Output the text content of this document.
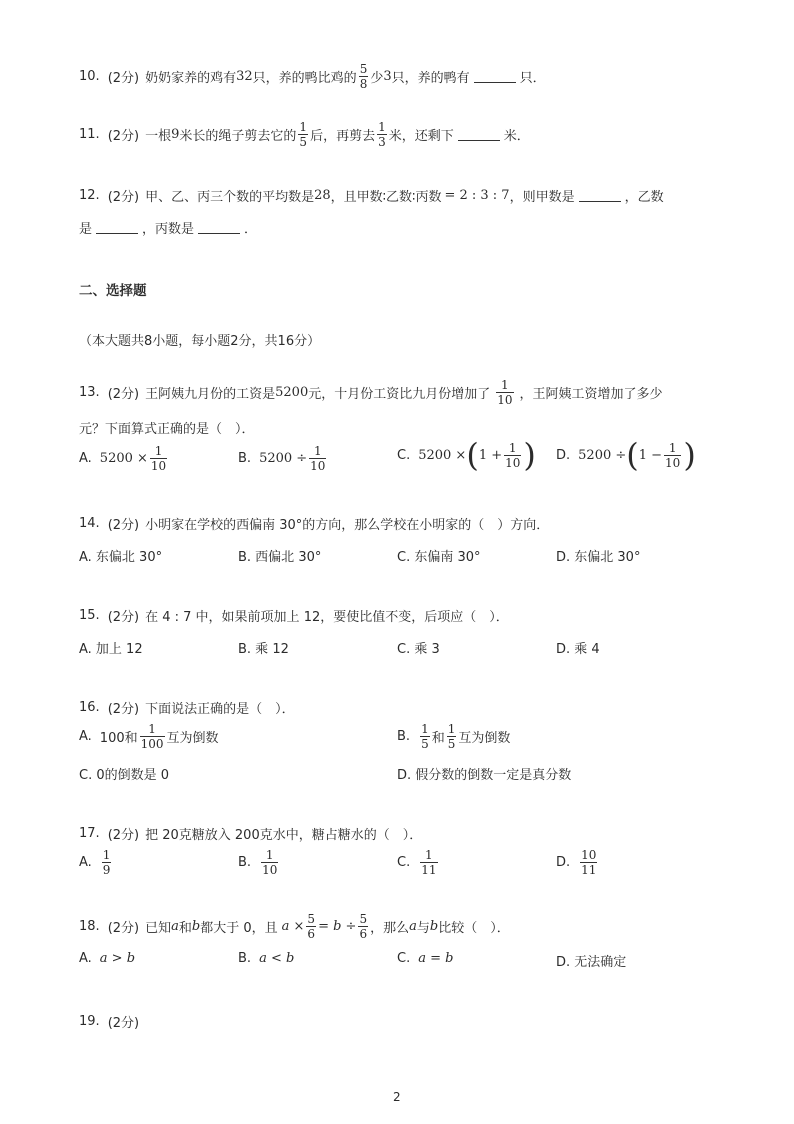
10. (2分) 奶奶家养的鸡有 32 只，养的鸭比鸡的 $\frac{5}{8}$ 少 3 只，养的鸭有	只．
11. (2分) 一根 9 米长的绳子剪去它的 $\frac{1}{5}$ 后，再剪去 $\frac{1}{3}$ 米，还剩下	米．
12. (2分) 甲、乙、丙三个数的平均数是 28 ，且甲数∶乙数∶丙数 = 2 : 3 : 7 ，则甲数是	，乙数
是	，丙数是	．
二、选择题
（本大题共8小题，每小题2分，共16分）
13. (2分) 王阿姨九月份的工资是 5200 元，十月份工资比九月份增加了 $\frac{1}{10}$ ，王阿姨工资增加了多少
元？下面算式正确的是（　）．
A. $5200 \times \frac{1}{10}$	B. $5200 \div \frac{1}{10}$	C. 5200 × ( $1 + \frac{1}{10}$ ) D. 5200 ÷ ( $1 - \frac{1}{10}$ )
14. (2分) 小明家在学校的西偏南 30°的方向，那么学校在小明家的（　）方向．
A. 东偏北 30°	B. 西偏北 30°	C. 东偏南 30°	D. 东偏北 30°
15. (2分) 在 4 : 7 中，如果前项加上 12，要使比值不变，后项应（　）．
A. 加上 12	B. 乘 12	C. 乘 3	D. 乘 4
16. (2分) 下面说法正确的是（　）．
A. 100和 $\frac{1}{100}$ 互为倒数	B. $\frac{1}{5}$ 和 $\frac{1}{5}$ 互为倒数
C. 0的倒数是 0	D. 假分数的倒数一定是真分数
17. (2分) 把 20克糖放入 200克水中，糖占糖水的（　）．
A. $\frac{1}{9}$	B. $\frac{1}{10}$	C. $\frac{1}{11}$	D. $\frac{10}{11}$
18. (2分) 已知 a 和 b 都大于 0，且 $a \times \frac{5}{6} = b \div \frac{5}{6}$ ，那么 a 与 b 比较（　）．
A. a > b	B. a < b	C. a = b	D. 无法确定
19. (2分)
2
